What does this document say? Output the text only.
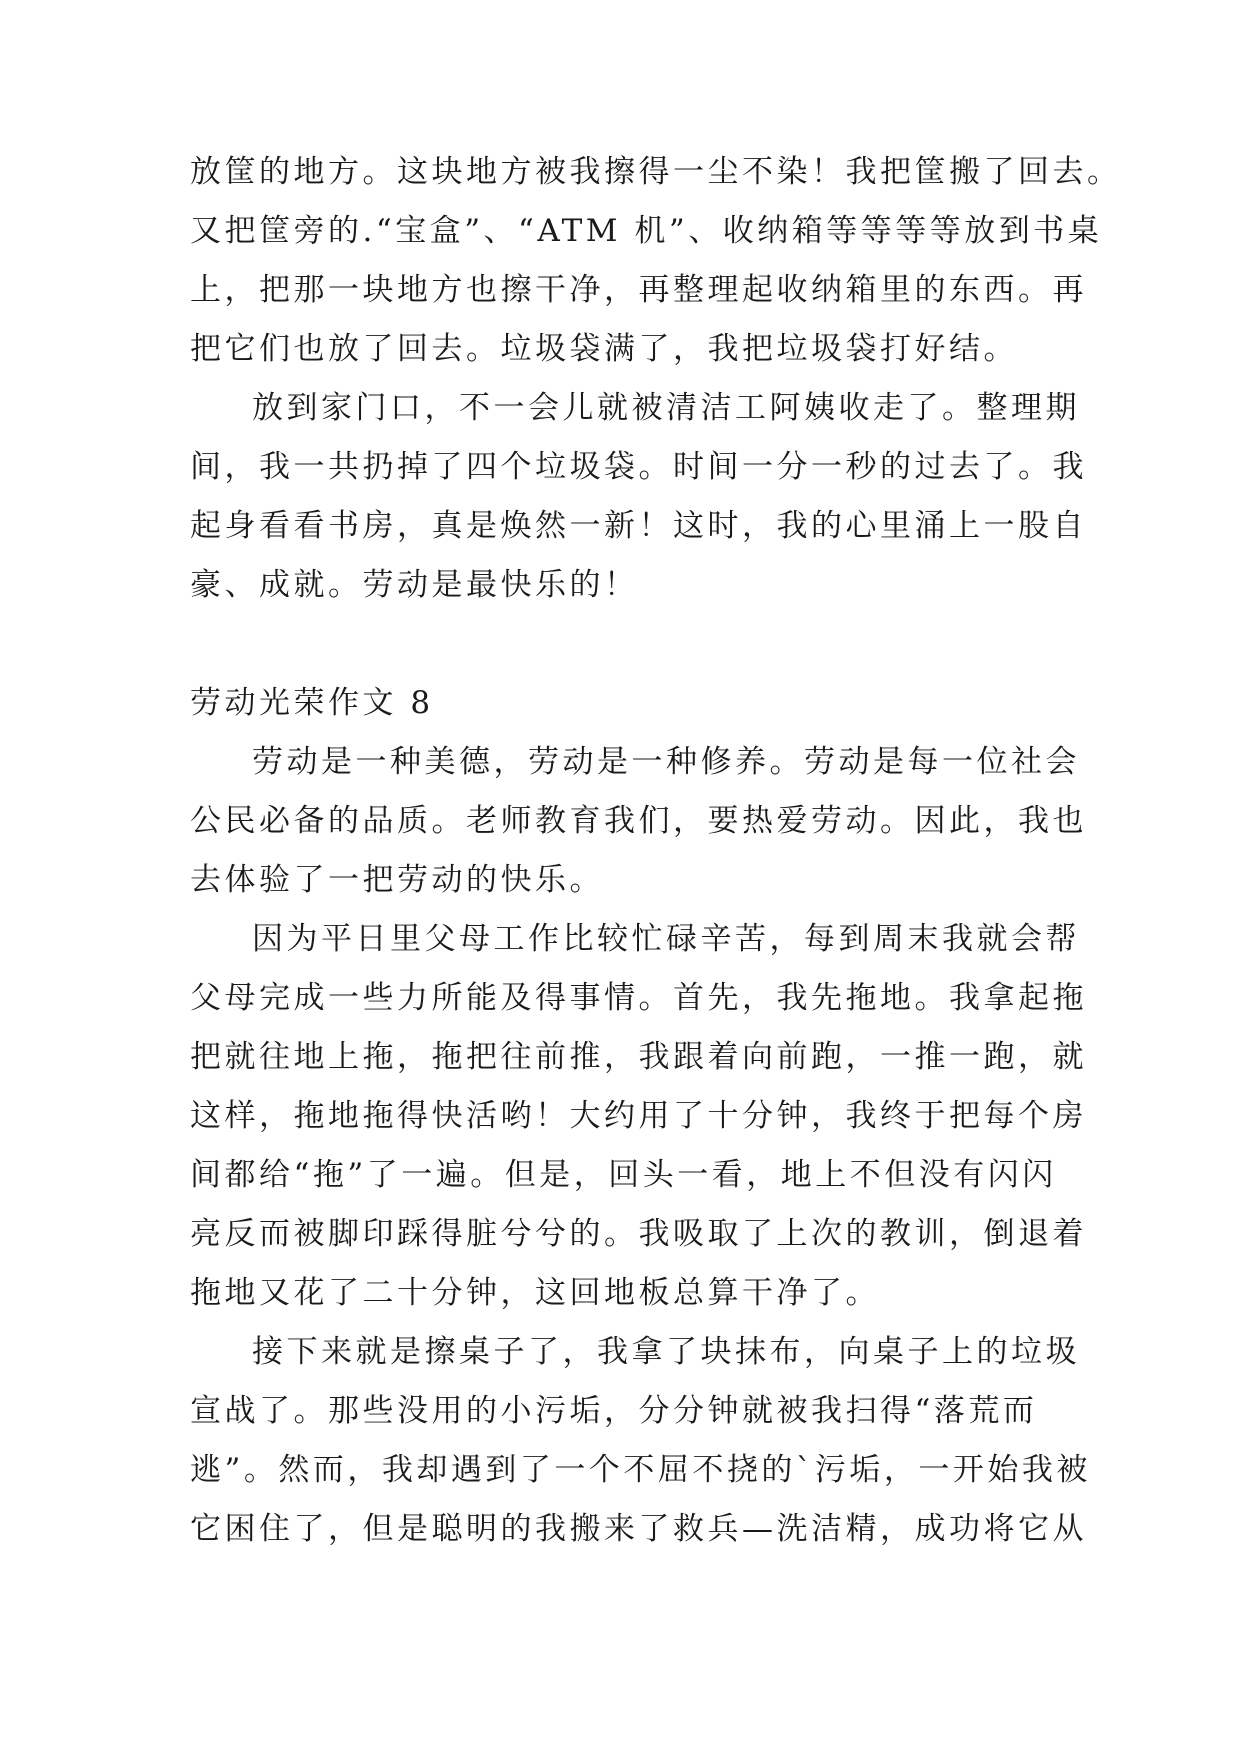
放筐的地方。这块地方被我擦得一尘不染！我把筐搬了回去。
又把筐旁的.“宝盒”、“ATM 机”、收纳箱等等等等放到书桌
上，把那一块地方也擦干净，再整理起收纳箱里的东西。再
把它们也放了回去。垃圾袋满了，我把垃圾袋打好结。
放到家门口，不一会儿就被清洁工阿姨收走了。整理期
间，我一共扔掉了四个垃圾袋。时间一分一秒的过去了。我
起身看看书房，真是焕然一新！这时，我的心里涌上一股自
豪、成就。劳动是最快乐的！
劳动光荣作文 8
劳动是一种美德，劳动是一种修养。劳动是每一位社会
公民必备的品质。老师教育我们，要热爱劳动。因此，我也
去体验了一把劳动的快乐。
因为平日里父母工作比较忙碌辛苦，每到周末我就会帮
父母完成一些力所能及得事情。首先，我先拖地。我拿起拖
把就往地上拖，拖把往前推，我跟着向前跑，一推一跑，就
这样，拖地拖得快活哟！大约用了十分钟，我终于把每个房
间都给“拖”了一遍。但是，回头一看，地上不但没有闪闪
亮反而被脚印踩得脏兮兮的。我吸取了上次的教训，倒退着
拖地又花了二十分钟，这回地板总算干净了。
接下来就是擦桌子了，我拿了块抹布，向桌子上的垃圾
宣战了。那些没用的小污垢，分分钟就被我扫得“落荒而
逃”。然而，我却遇到了一个不屈不挠的`污垢，一开始我被
它困住了，但是聪明的我搬来了救兵—洗洁精，成功将它从
